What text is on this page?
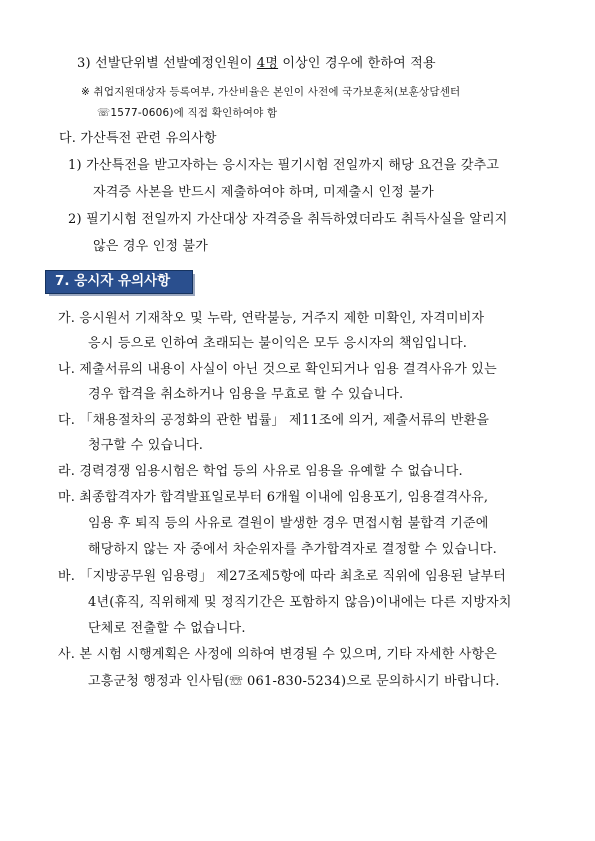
3) 선발단위별 선발예정인원이 4명 이상인 경우에 한하여 적용
※ 취업지원대상자 등록여부, 가산비율은 본인이 사전에 국가보훈처(보훈상담센터
☏1577-0606)에 직접 확인하여야 함
다. 가산특전 관련 유의사항
1) 가산특전을 받고자하는 응시자는 필기시험 전일까지 해당 요건을 갖추고
자격증 사본을 반드시 제출하여야 하며, 미제출시 인정 불가
2) 필기시험 전일까지 가산대상 자격증을 취득하였더라도 취득사실을 알리지
않은 경우 인정 불가
7. 응시자 유의사항
가. 응시원서 기재착오 및 누락, 연락불능, 거주지 제한 미확인, 자격미비자
응시 등으로 인하여 초래되는 불이익은 모두 응시자의 책임입니다.
나. 제출서류의 내용이 사실이 아닌 것으로 확인되거나 임용 결격사유가 있는
경우 합격을 취소하거나 임용을 무효로 할 수 있습니다.
다. 「채용절차의 공정화의 관한 법률」 제11조에 의거, 제출서류의 반환을
청구할 수 있습니다.
라. 경력경쟁 임용시험은 학업 등의 사유로 임용을 유예할 수 없습니다.
마. 최종합격자가 합격발표일로부터 6개월 이내에 임용포기, 임용결격사유,
임용 후 퇴직 등의 사유로 결원이 발생한 경우 면접시험 불합격 기준에
해당하지 않는 자 중에서 차순위자를 추가합격자로 결정할 수 있습니다.
바. 「지방공무원 임용령」 제27조제5항에 따라 최초로 직위에 임용된 날부터
4년(휴직, 직위해제 및 정직기간은 포함하지 않음)이내에는 다른 지방자치
단체로 전출할 수 없습니다.
사. 본 시험 시행계획은 사정에 의하여 변경될 수 있으며, 기타 자세한 사항은
고흥군청 행정과 인사팀(☏ 061-830-5234)으로 문의하시기 바랍니다.
